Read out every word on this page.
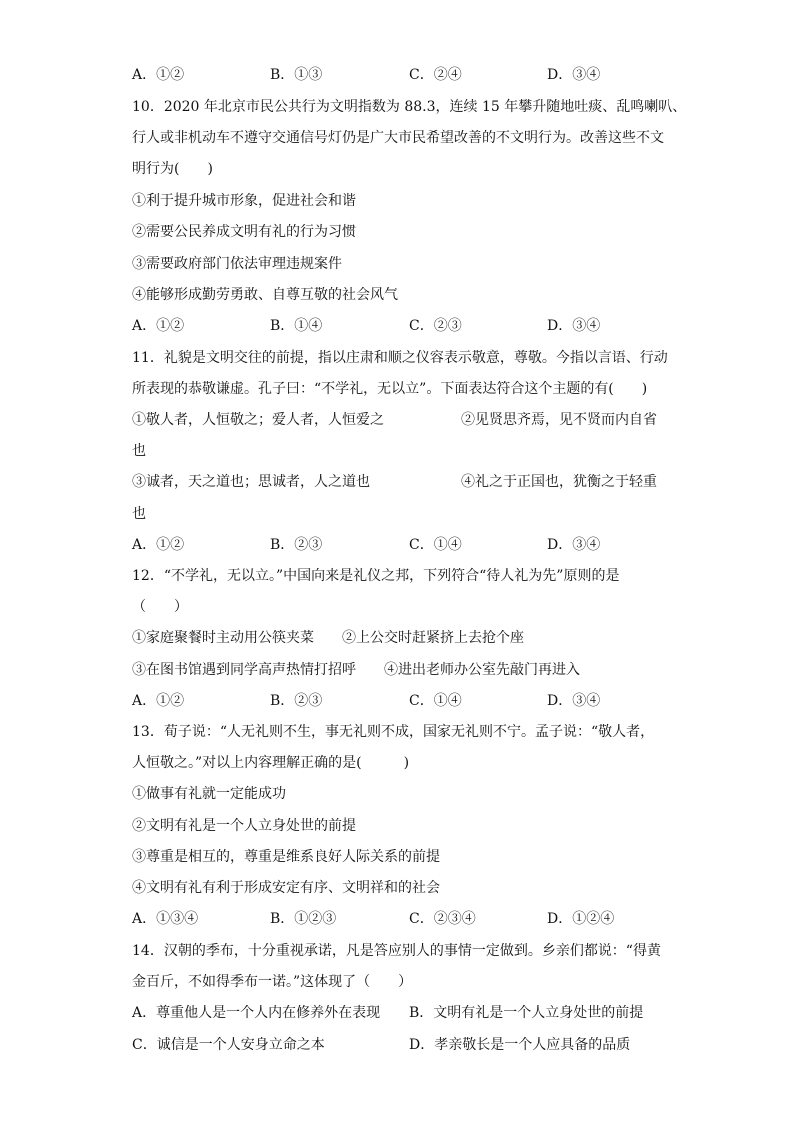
A．①②	B．①③	C．②④	D．③④
10．2020 年北京市民公共行为文明指数为 88.3，连续 15 年攀升随地吐痰、乱鸣喇叭、
行人或非机动车不遵守交通信号灯仍是广大市民希望改善的不文明行为。改善这些不文
明行为(　　)
①利于提升城市形象，促进社会和谐
②需要公民养成文明有礼的行为习惯
③需要政府部门依法审理违规案件
④能够形成勤劳勇敢、自尊互敬的社会风气
A．①②	B．①④	C．②③	D．③④
11．礼貌是文明交往的前提，指以庄肃和顺之仪容表示敬意，尊敬。今指以言语、行动
所表现的恭敬谦虚。孔子曰：“不学礼，无以立”。下面表达符合这个主题的有(　　)
①敬人者，人恒敬之；爱人者，人恒爱之	②见贤思齐焉，见不贤而内自省
也
③诚者，天之道也；思诚者，人之道也	④礼之于正国也，犹衡之于轻重
也
A．①②	B．②③	C．①④	D．③④
12．“不学礼，无以立。”中国向来是礼仪之邦，下列符合“待人礼为先”原则的是
（　　）
①家庭聚餐时主动用公筷夹菜 ②上公交时赶紧挤上去抢个座
③在图书馆遇到同学高声热情打招呼 ④进出老师办公室先敲门再进入
A．①②	B．②③	C．①④	D．③④
13．荀子说：“人无礼则不生，事无礼则不成，国家无礼则不宁。孟子说：“敬人者，
人恒敬之。”对以上内容理解正确的是(　　　)
①做事有礼就一定能成功
②文明有礼是一个人立身处世的前提
③尊重是相互的，尊重是维系良好人际关系的前提
④文明有礼有利于形成安定有序、文明祥和的社会
A．①③④	B．①②③	C．②③④	D．①②④
14．汉朝的季布，十分重视承诺，凡是答应别人的事情一定做到。乡亲们都说：“得黄
金百斤，不如得季布一诺。”这体现了（　　）
A．尊重他人是一个人内在修养外在表现 B．文明有礼是一个人立身处世的前提
C．诚信是一个人安身立命之本	D．孝亲敬长是一个人应具备的品质
